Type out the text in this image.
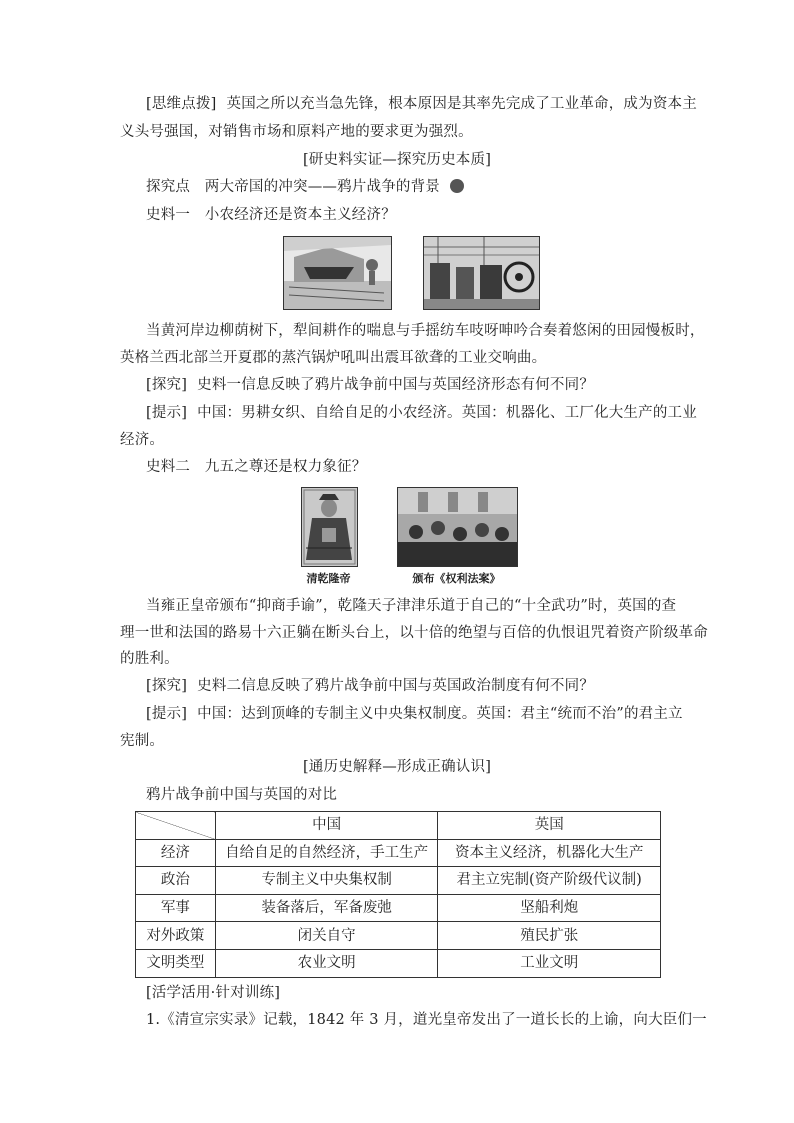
[思维点拨] 英国之所以充当急先锋，根本原因是其率先完成了工业革命，成为资本主
义头号强国，对销售市场和原料产地的要求更为强烈。
[研史料实证—探究历史本质]
探究点　两大帝国的冲突——鸦片战争的背景
史料一　小农经济还是资本主义经济？
当黄河岸边柳荫树下，犁间耕作的喘息与手摇纺车吱呀呻吟合奏着悠闲的田园慢板时，
英格兰西北部兰开夏郡的蒸汽锅炉吼叫出震耳欲聋的工业交响曲。
[探究] 史料一信息反映了鸦片战争前中国与英国经济形态有何不同？
[提示] 中国：男耕女织、自给自足的小农经济。英国：机器化、工厂化大生产的工业
经济。
史料二　九五之尊还是权力象征？
清乾隆帝	颁布《权利法案》
当雍正皇帝颁布“抑商手谕”，乾隆天子津津乐道于自己的“十全武功”时，英国的查
理一世和法国的路易十六正躺在断头台上，以十倍的绝望与百倍的仇恨诅咒着资产阶级革命
的胜利。
[探究] 史料二信息反映了鸦片战争前中国与英国政治制度有何不同？
[提示] 中国：达到顶峰的专制主义中央集权制度。英国：君主“统而不治”的君主立
宪制。
[通历史解释—形成正确认识]
鸦片战争前中国与英国的对比
	中国	英国
经济	自给自足的自然经济，手工生产	资本主义经济，机器化大生产
政治	专制主义中央集权制	君主立宪制(资产阶级代议制)
军事	装备落后，军备废弛	坚船利炮
对外政策	闭关自守	殖民扩张
文明类型	农业文明	工业文明
[活学活用·针对训练]
1.《清宣宗实录》记载，1842 年 3 月，道光皇帝发出了一道长长的上谕，向大臣们一
